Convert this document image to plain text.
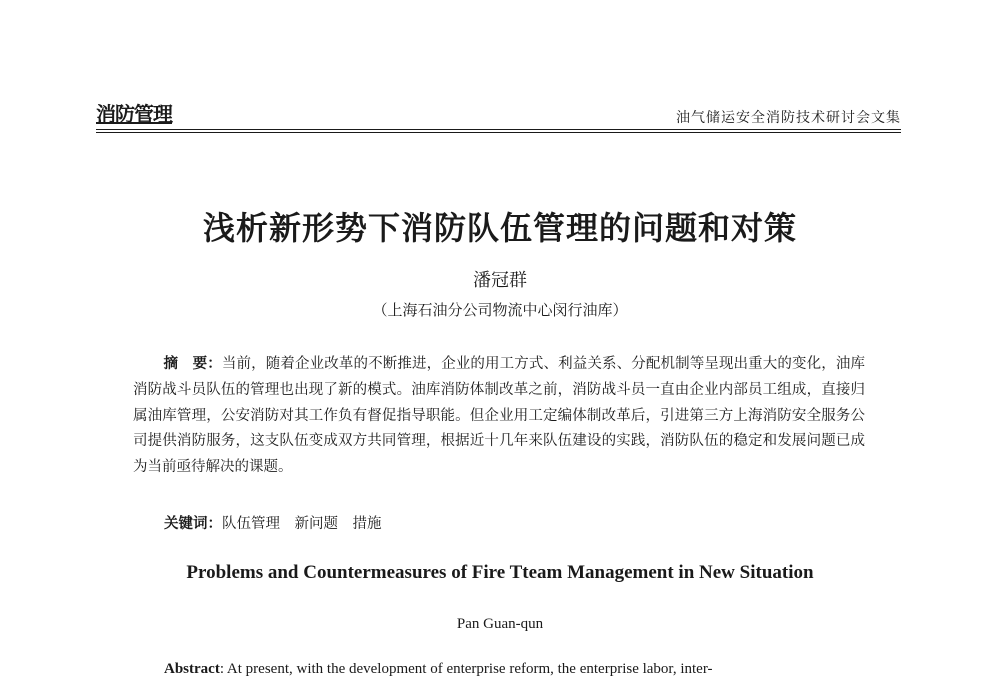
消防管理	油气储运安全消防技术研讨会文集
浅析新形势下消防队伍管理的问题和对策
潘冠群
（上海石油分公司物流中心闵行油库）
摘　要：当前，随着企业改革的不断推进，企业的用工方式、利益关系、分配机制等呈现出重大的变化，油库消防战斗员队伍的管理也出现了新的模式。油库消防体制改革之前，消防战斗员一直由企业内部员工组成，直接归属油库管理，公安消防对其工作负有督促指导职能。但企业用工定编体制改革后，引进第三方上海消防安全服务公司提供消防服务，这支队伍变成双方共同管理，根据近十几年来队伍建设的实践，消防队伍的稳定和发展问题已成为当前亟待解决的课题。
关键词：队伍管理　新问题　措施
Problems and Countermeasures of Fire Tteam Management in New Situation
Pan Guan-qun
Abstract: At present, with the development of enterprise reform, the enterprise labor, inter-
